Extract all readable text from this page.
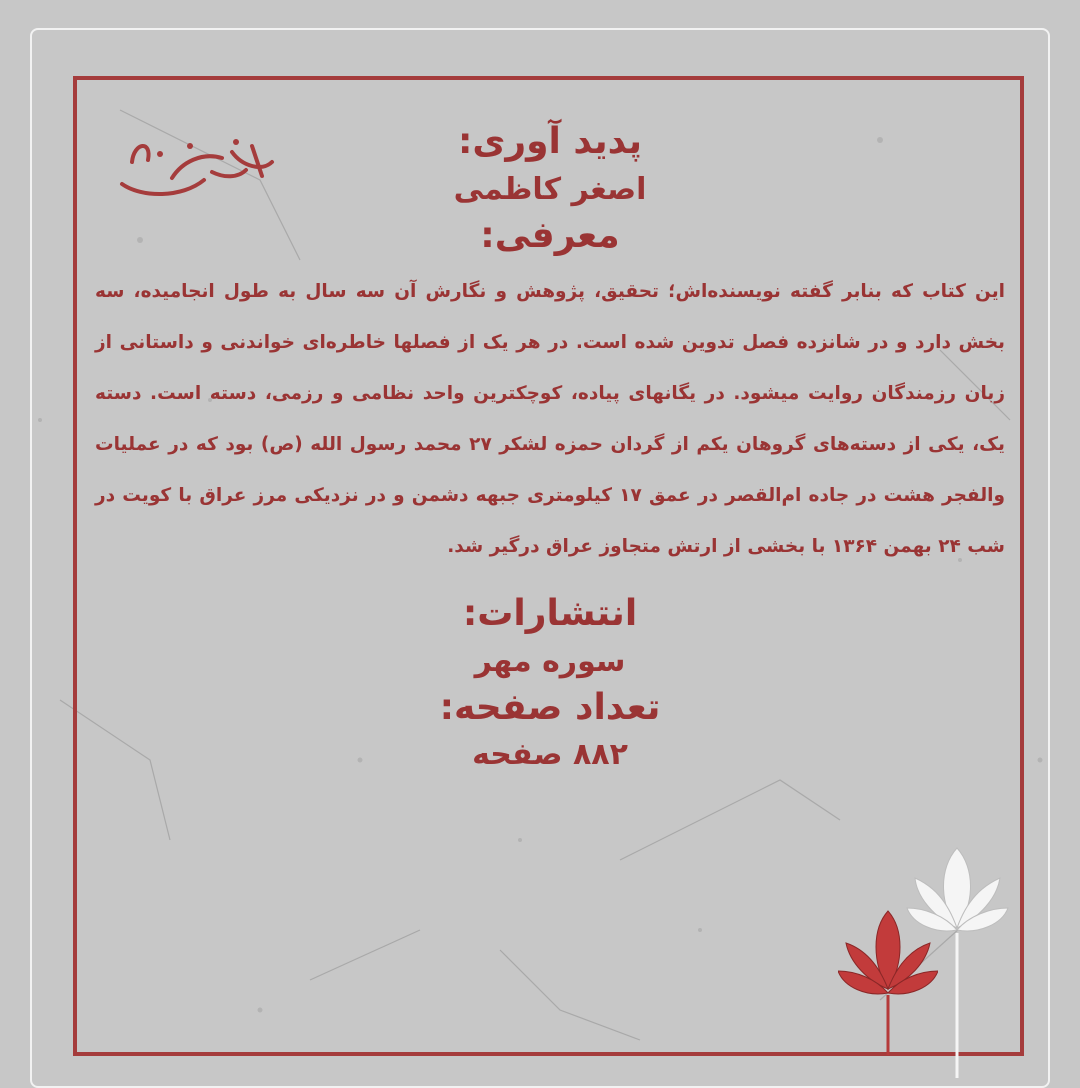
پدید آوری:

اصغر کاظمی

معرفی:

این کتاب که بنابر گفته نویسنده‌اش؛ تحقیق، پژوهش و نگارش آن سه سال به طول انجامیده، سه بخش دارد و در شانزده فصل تدوین شده است. در هر یک از فصلها خاطره‌ای خواندنی و داستانی از زبان رزمندگان روایت میشود. در یگانهای پیاده، کوچکترین واحد نظامی و رزمی، دسته است. دسته یک، یکی از دسته‌های گروهان یکم از گردان حمزه لشکر ۲۷ محمد رسول الله (ص) بود که در عملیات والفجر هشت در جاده ام‌القصر در عمق ۱۷ کیلومتری جبهه دشمن و در نزدیکی مرز عراق با کویت در شب ۲۴ بهمن ۱۳۶۴ با بخشی از ارتش متجاوز عراق درگیر شد.

انتشارات:

سوره مهر

تعداد صفحه:

۸۸۲ صفحه
